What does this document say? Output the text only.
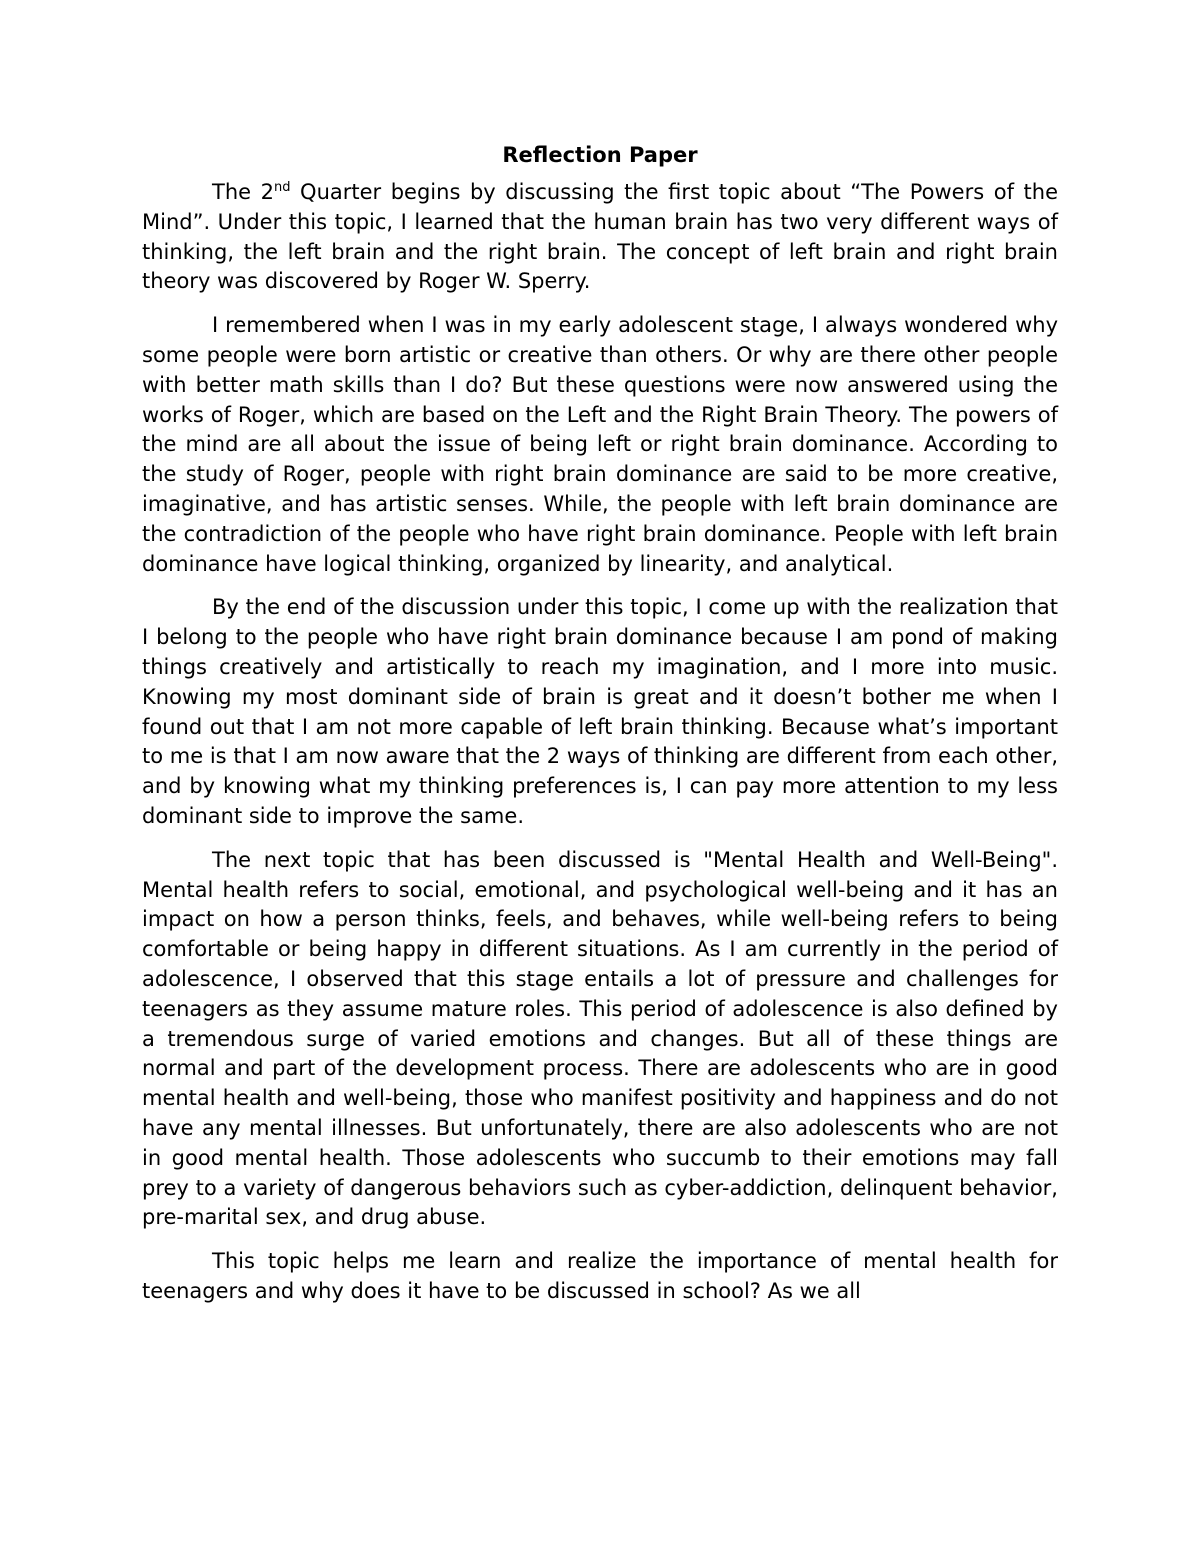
Reflection Paper

The 2nd Quarter begins by discussing the first topic about “The Powers of the Mind”. Under this topic, I learned that the human brain has two very different ways of thinking, the left brain and the right brain. The concept of left brain and right brain theory was discovered by Roger W. Sperry.

I remembered when I was in my early adolescent stage, I always wondered why some people were born artistic or creative than others. Or why are there other people with better math skills than I do? But these questions were now answered using the works of Roger, which are based on the Left and the Right Brain Theory. The powers of the mind are all about the issue of being left or right brain dominance. According to the study of Roger, people with right brain dominance are said to be more creative, imaginative, and has artistic senses. While, the people with left brain dominance are the contradiction of the people who have right brain dominance. People with left brain dominance have logical thinking, organized by linearity, and analytical.

By the end of the discussion under this topic, I come up with the realization that I belong to the people who have right brain dominance because I am pond of making things creatively and artistically to reach my imagination, and I more into music. Knowing my most dominant side of brain is great and it doesn’t bother me when I found out that I am not more capable of left brain thinking. Because what’s important to me is that I am now aware that the 2 ways of thinking are different from each other, and by knowing what my thinking preferences is, I can pay more attention to my less dominant side to improve the same.

The next topic that has been discussed is "Mental Health and Well-Being". Mental health refers to social, emotional, and psychological well-being and it has an impact on how a person thinks, feels, and behaves, while well-being refers to being comfortable or being happy in different situations. As I am currently in the period of adolescence, I observed that this stage entails a lot of pressure and challenges for teenagers as they assume mature roles. This period of adolescence is also defined by a tremendous surge of varied emotions and changes. But all of these things are normal and part of the development process. There are adolescents who are in good mental health and well-being, those who manifest positivity and happiness and do not have any mental illnesses. But unfortunately, there are also adolescents who are not in good mental health. Those adolescents who succumb to their emotions may fall prey to a variety of dangerous behaviors such as cyber-addiction, delinquent behavior, pre-marital sex, and drug abuse.

This topic helps me learn and realize the importance of mental health for teenagers and why does it have to be discussed in school? As we all
